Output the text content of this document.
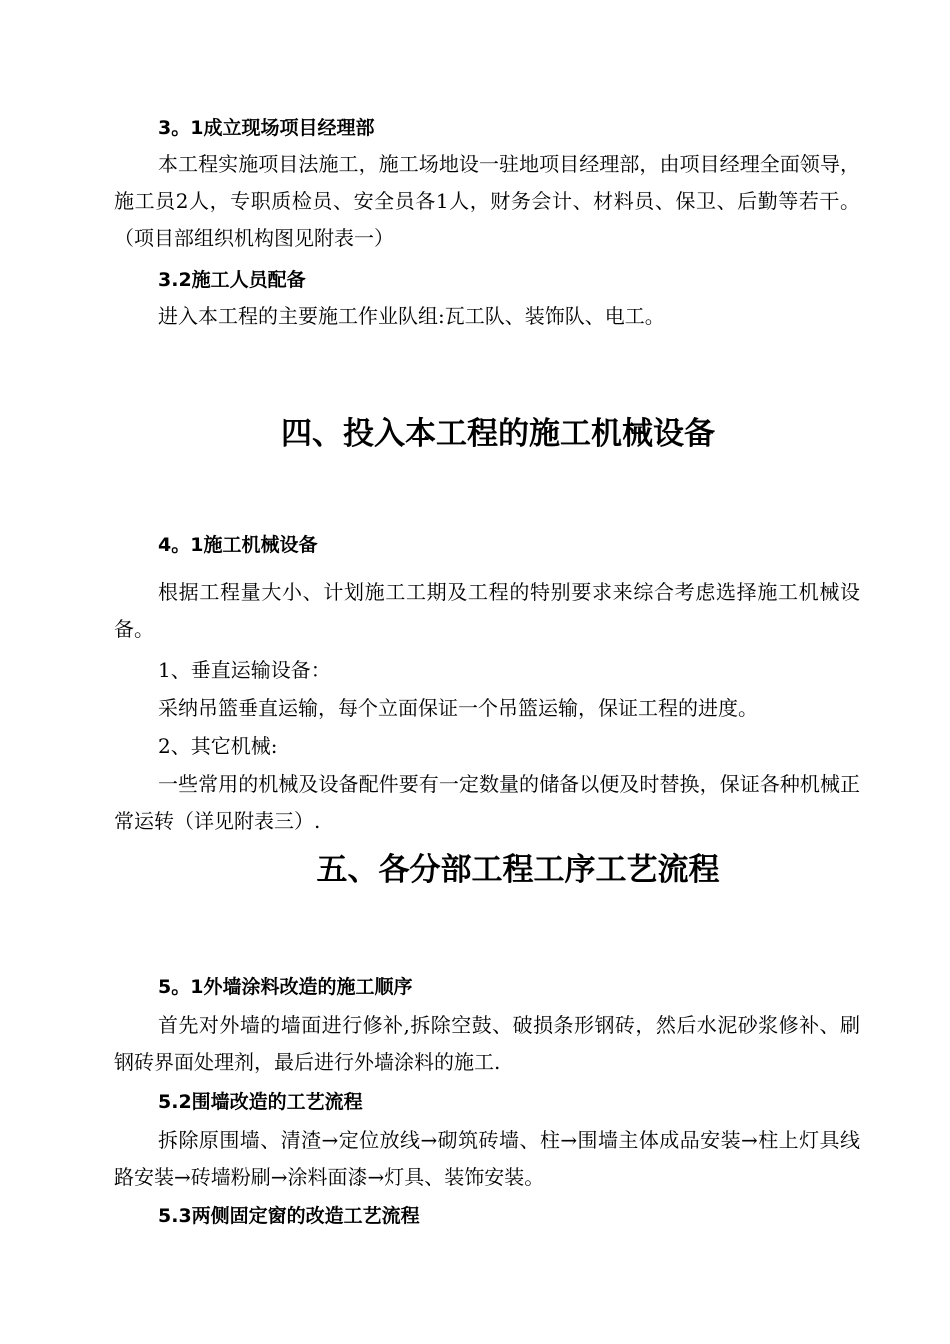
3。1成立现场项目经理部

本工程实施项目法施工，施工场地设一驻地项目经理部，由项目经理全面领导，施工员2人，专职质检员、安全员各1人，财务会计、材料员、保卫、后勤等若干。（项目部组织机构图见附表一）

3.2施工人员配备

进入本工程的主要施工作业队组:瓦工队、装饰队、电工。

四、投入本工程的施工机械设备

4。1施工机械设备

根据工程量大小、计划施工工期及工程的特别要求来综合考虑选择施工机械设备。

1、垂直运输设备：

采纳吊篮垂直运输，每个立面保证一个吊篮运输，保证工程的进度。

2、其它机械:

一些常用的机械及设备配件要有一定数量的储备以便及时替换，保证各种机械正常运转（详见附表三）.

五、各分部工程工序工艺流程

5。1外墙涂料改造的施工顺序

首先对外墙的墙面进行修补,拆除空鼓、破损条形钢砖，然后水泥砂浆修补、刷钢砖界面处理剂，最后进行外墙涂料的施工.

5.2围墙改造的工艺流程

拆除原围墙、清渣→定位放线→砌筑砖墙、柱→围墙主体成品安装→柱上灯具线路安装→砖墙粉刷→涂料面漆→灯具、装饰安装。

5.3两侧固定窗的改造工艺流程
